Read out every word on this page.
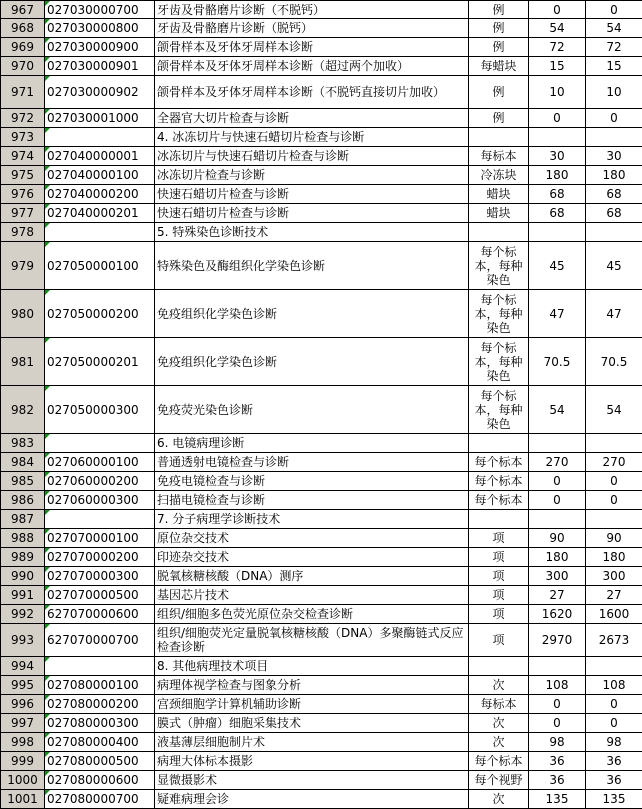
967	027030000700	牙齿及骨骼磨片诊断（不脱钙）	例	0	0
968	027030000800	牙齿及骨骼磨片诊断（脱钙）	例	54	54
969	027030000900	颌骨样本及牙体牙周样本诊断	例	72	72
970	027030000901	颌骨样本及牙体牙周样本诊断（超过两个加收）	每蜡块	15	15
971	027030000902	颌骨样本及牙体牙周样本诊断（不脱钙直接切片加收）	例	10	10
972	027030001000	全器官大切片检查与诊断	例	0	0
973		4. 冰冻切片与快速石蜡切片检查与诊断			
974	027040000001	冰冻切片与快速石蜡切片检查与诊断	每标本	30	30
975	027040000100	冰冻切片检查与诊断	冷冻块	180	180
976	027040000200	快速石蜡切片检查与诊断	蜡块	68	68
977	027040000201	快速石蜡切片检查与诊断	蜡块	68	68
978		5. 特殊染色诊断技术			
979	027050000100	特殊染色及酶组织化学染色诊断	每个标本，每种染色	45	45
980	027050000200	免疫组织化学染色诊断	每个标本，每种染色	47	47
981	027050000201	免疫组织化学染色诊断	每个标本，每种染色	70.5	70.5
982	027050000300	免疫荧光染色诊断	每个标本，每种染色	54	54
983		6. 电镜病理诊断			
984	027060000100	普通透射电镜检查与诊断	每个标本	270	270
985	027060000200	免疫电镜检查与诊断	每个标本	0	0
986	027060000300	扫描电镜检查与诊断	每个标本	0	0
987		7. 分子病理学诊断技术			
988	027070000100	原位杂交技术	项	90	90
989	027070000200	印迹杂交技术	项	180	180
990	027070000300	脱氧核糖核酸（DNA）测序	项	300	300
991	027070000500	基因芯片技术	项	27	27
992	627070000600	组织/细胞多色荧光原位杂交检查诊断	项	1620	1600
993	627070000700	组织/细胞荧光定量脱氧核糖核酸（DNA）多聚酶链式反应检查诊断	项	2970	2673
994		8. 其他病理技术项目			
995	027080000100	病理体视学检查与图象分析	次	108	108
996	027080000200	宫颈细胞学计算机辅助诊断	每标本	0	0
997	027080000300	膜式（肿瘤）细胞采集技术	次	0	0
998	027080000400	液基薄层细胞制片术	次	98	98
999	027080000500	病理大体标本摄影	每个标本	36	36
1000	027080000600	显微摄影术	每个视野	36	36
1001	027080000700	疑难病理会诊	次	135	135
